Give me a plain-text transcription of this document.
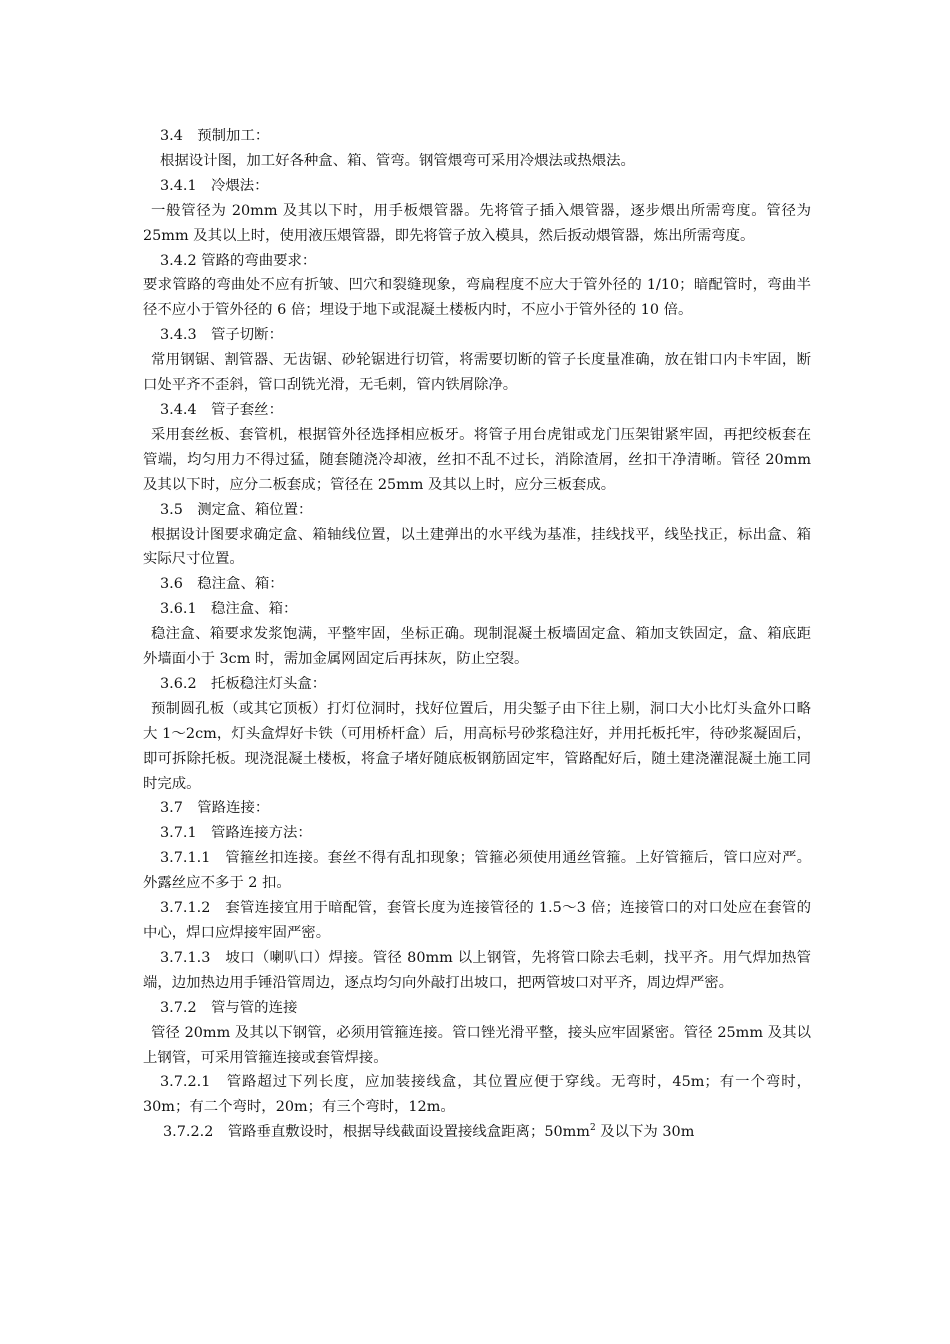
3.4　预制加工：

根据设计图，加工好各种盒、箱、管弯。钢管煨弯可采用冷煨法或热煨法。

3.4.1　冷煨法：

一般管径为 20mm 及其以下时，用手板煨管器。先将管子插入煨管器，逐步煨出所需弯度。管径为 25mm 及其以上时，使用液压煨管器，即先将管子放入模具，然后扳动煨管器，炼出所需弯度。

3.4.2 管路的弯曲要求：

要求管路的弯曲处不应有折皱、凹穴和裂缝现象，弯扁程度不应大于管外径的 1/10；暗配管时，弯曲半径不应小于管外径的 6 倍；埋设于地下或混凝土楼板内时，不应小于管外径的 10 倍。

3.4.3　管子切断：

常用钢锯、割管器、无齿锯、砂轮锯进行切管，将需要切断的管子长度量准确，放在钳口内卡牢固，断口处平齐不歪斜，管口刮铣光滑，无毛刺，管内铁屑除净。

3.4.4　管子套丝：

采用套丝板、套管机，根据管外径选择相应板牙。将管子用台虎钳或龙门压架钳紧牢固，再把绞板套在管端，均匀用力不得过猛，随套随浇冷却液，丝扣不乱不过长，消除渣屑，丝扣干净清晰。管径 20mm 及其以下时，应分二板套成；管径在 25mm 及其以上时，应分三板套成。

3.5　测定盒、箱位置：

根据设计图要求确定盒、箱轴线位置，以土建弹出的水平线为基准，挂线找平，线坠找正，标出盒、箱实际尺寸位置。

3.6　稳注盒、箱：

3.6.1　稳注盒、箱：

稳注盒、箱要求发浆饱满，平整牢固，坐标正确。现制混凝土板墙固定盒、箱加支铁固定，盒、箱底距外墙面小于 3cm 时，需加金属网固定后再抹灰，防止空裂。

3.6.2　托板稳注灯头盒：

预制圆孔板（或其它顶板）打灯位洞时，找好位置后，用尖錾子由下往上剔，洞口大小比灯头盒外口略大 1～2cm，灯头盒焊好卡铁（可用桥杆盒）后，用高标号砂浆稳注好，并用托板托牢，待砂浆凝固后，即可拆除托板。现浇混凝土楼板，将盒子堵好随底板钢筋固定牢，管路配好后，随土建浇灌混凝土施工同时完成。

3.7　管路连接：

3.7.1　管路连接方法：

3.7.1.1　管箍丝扣连接。套丝不得有乱扣现象；管箍必须使用通丝管箍。上好管箍后，管口应对严。外露丝应不多于 2 扣。

3.7.1.2　套管连接宜用于暗配管，套管长度为连接管径的 1.5～3 倍；连接管口的对口处应在套管的中心，焊口应焊接牢固严密。

3.7.1.3　坡口（喇叭口）焊接。管径 80mm 以上钢管，先将管口除去毛刺，找平齐。用气焊加热管端，边加热边用手锤沿管周边，逐点均匀向外敲打出坡口，把两管坡口对平齐，周边焊严密。

3.7.2　管与管的连接

管径 20mm 及其以下钢管，必须用管箍连接。管口锉光滑平整，接头应牢固紧密。管径 25mm 及其以上钢管，可采用管箍连接或套管焊接。

3.7.2.1　管路超过下列长度，应加装接线盒，其位置应便于穿线。无弯时，45m；有一个弯时，30m；有二个弯时，20m；有三个弯时，12m。

3.7.2.2　管路垂直敷设时，根据导线截面设置接线盒距离；$50mm^2$ 及以下为 30m
